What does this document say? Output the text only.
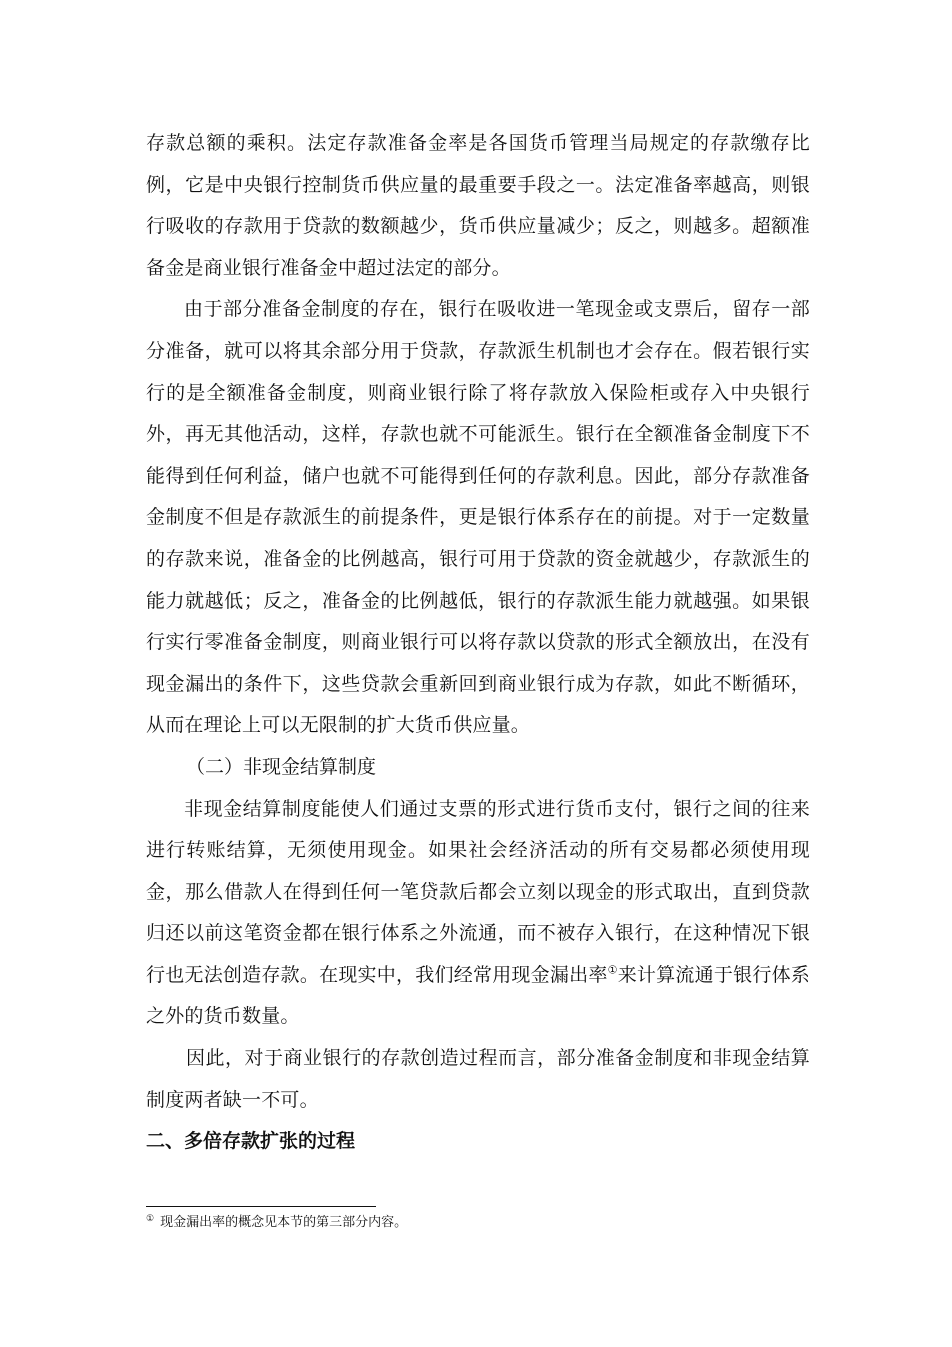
存款总额的乘积。法定存款准备金率是各国货币管理当局规定的存款缴存比例，它是中央银行控制货币供应量的最重要手段之一。法定准备率越高，则银行吸收的存款用于贷款的数额越少，货币供应量减少；反之，则越多。超额准备金是商业银行准备金中超过法定的部分。

由于部分准备金制度的存在，银行在吸收进一笔现金或支票后，留存一部分准备，就可以将其余部分用于贷款，存款派生机制也才会存在。假若银行实行的是全额准备金制度，则商业银行除了将存款放入保险柜或存入中央银行外，再无其他活动，这样，存款也就不可能派生。银行在全额准备金制度下不能得到任何利益，储户也就不可能得到任何的存款利息。因此，部分存款准备金制度不但是存款派生的前提条件，更是银行体系存在的前提。对于一定数量的存款来说，准备金的比例越高，银行可用于贷款的资金就越少，存款派生的能力就越低；反之，准备金的比例越低，银行的存款派生能力就越强。如果银行实行零准备金制度，则商业银行可以将存款以贷款的形式全额放出，在没有现金漏出的条件下，这些贷款会重新回到商业银行成为存款，如此不断循环，从而在理论上可以无限制的扩大货币供应量。

（二）非现金结算制度

非现金结算制度能使人们通过支票的形式进行货币支付，银行之间的往来进行转账结算，无须使用现金。如果社会经济活动的所有交易都必须使用现金，那么借款人在得到任何一笔贷款后都会立刻以现金的形式取出，直到贷款归还以前这笔资金都在银行体系之外流通，而不被存入银行，在这种情况下银行也无法创造存款。在现实中，我们经常用现金漏出率①来计算流通于银行体系之外的货币数量。

因此，对于商业银行的存款创造过程而言，部分准备金制度和非现金结算制度两者缺一不可。

二、多倍存款扩张的过程

① 现金漏出率的概念见本节的第三部分内容。
